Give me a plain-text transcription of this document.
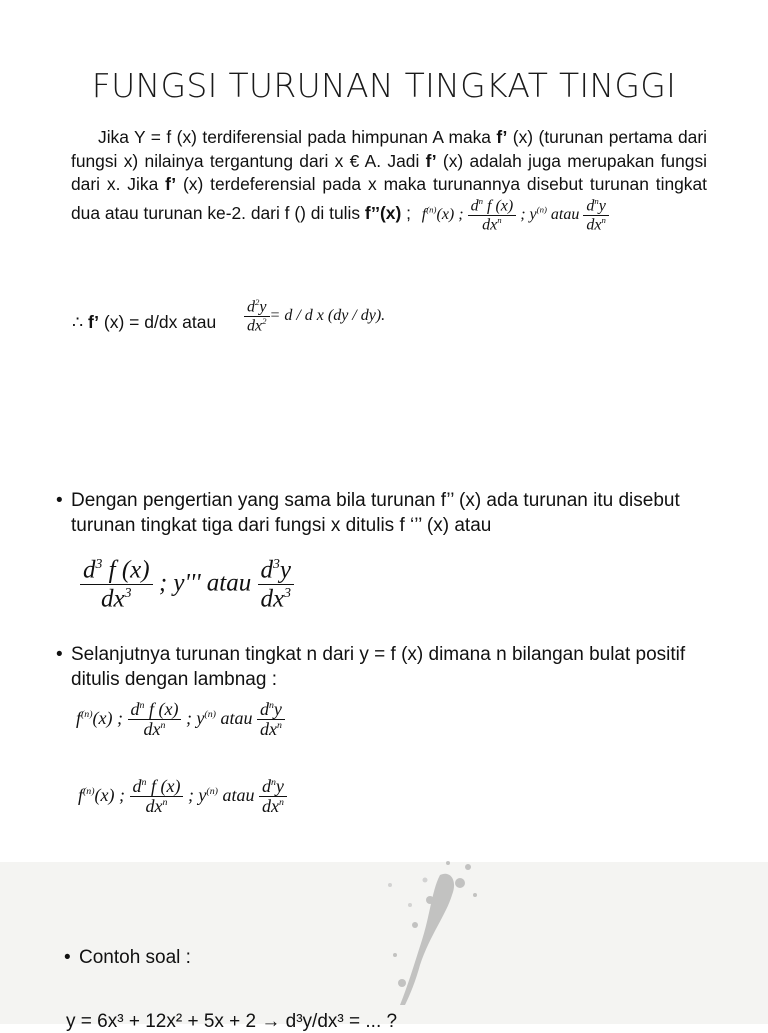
FUNGSI TURUNAN TINGKAT TINGGI
Jika Y = f (x) terdiferensial pada himpunan A maka f’ (x) (turunan pertama dari fungsi x) nilainya tergantung dari x € A. Jadi f’ (x) adalah juga merupakan fungsi dari x. Jika f’ (x) terdeferensial pada x maka turunannya disebut turunan tingkat dua atau turunan ke-2. dari f () di tulis f’’(x) ; $f^{(n)}(x)$ ; $\frac{d^n f (x)}{dx^n}$ ; $y^{(n)}$ atau $\frac{d^ny}{dx^n}$
∴ f’ (x) = d/dx atau $\frac{d^2y}{dx^2} = d / d$ x (dy / dy).
• Dengan pengertian yang sama bila turunan f’’ (x) ada turunan itu disebut turunan tingkat tiga dari fungsi x ditulis f ‘’’ (x) atau
$\frac{d^3 f (x)}{dx^3}$ ; y''' atau $\frac{d^3y}{dx^3}$
• Selanjutnya turunan tingkat n dari y = f (x) dimana n bilangan bulat positif ditulis dengan lambnag :
$f^{(n)}(x)$ ; $\frac{d^n f (x)}{dx^n}$ ; $y^{(n)}$ atau $\frac{d^ny}{dx^n}$
$f^{(n)}(x)$ ; $\frac{d^n f (x)}{dx^n}$ ; $y^{(n)}$ atau $\frac{d^ny}{dx^n}$
• Contoh soal :
y = 6x³ + 12x² + 5x + 2 → d³y/dx³ = ... ?
